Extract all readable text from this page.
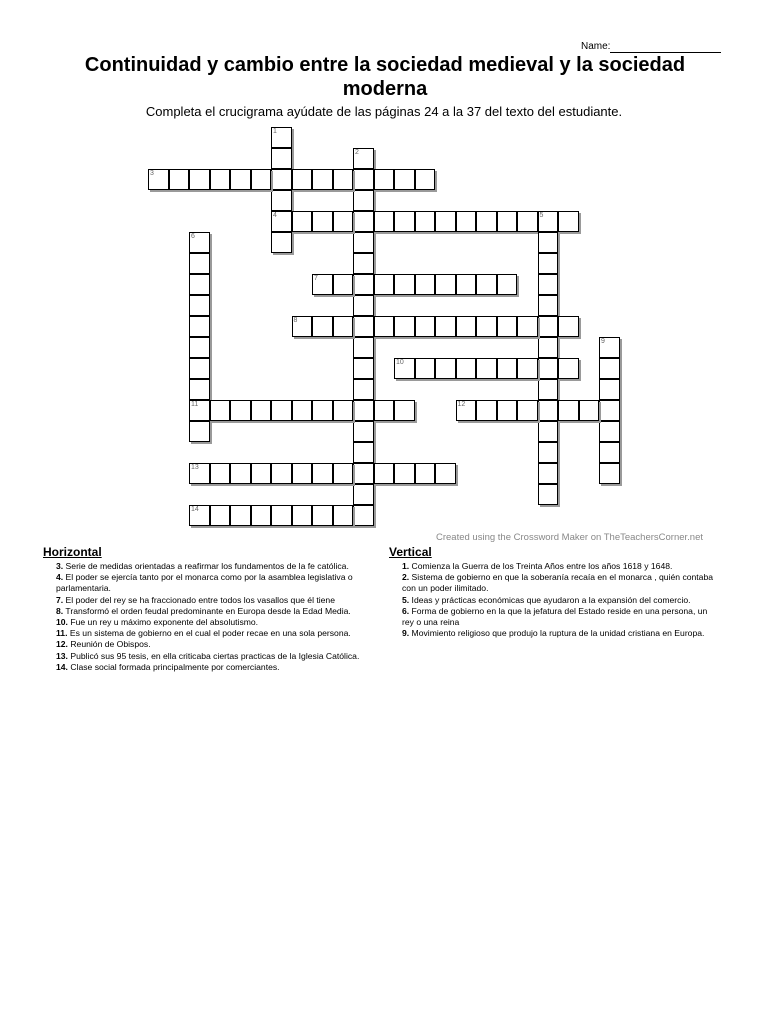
Name:
Continuidad y cambio entre la sociedad medieval y la sociedad moderna
Completa el crucigrama ayúdate de las páginas 24 a la 37 del texto del estudiante.
1
4
2
3
5
6
11
7
8
9
10
12
13
14
Created using the Crossword Maker on TheTeachersCorner.net
Horizontal
3. Serie de medidas orientadas a reafirmar los fundamentos de la fe católica.
4. El poder se ejercía tanto por el monarca como por la asamblea legislativa o parlamentaria.
7. El poder del rey se ha fraccionado entre todos los vasallos que él tiene
8. Transformó el orden feudal predominante en Europa desde la Edad Media.
10. Fue un rey u máximo exponente del absolutismo.
11. Es un sistema de gobierno en el cual el poder recae en una sola persona.
12. Reunión de Obispos.
13. Publicó sus 95 tesis, en ella criticaba ciertas practicas de la Iglesia Católica.
14. Clase social formada principalmente por comerciantes.
Vertical
1. Comienza la Guerra de los Treinta Años entre los años 1618 y 1648.
2. Sistema de gobierno en que la soberanía recaía en el monarca , quién contaba con un poder ilimitado.
5. Ideas y prácticas económicas que ayudaron a la expansión del comercio.
6. Forma de gobierno en la que la jefatura del Estado reside en una persona, un rey o una reina
9. Movimiento religioso que produjo la ruptura de la unidad cristiana en Europa.
